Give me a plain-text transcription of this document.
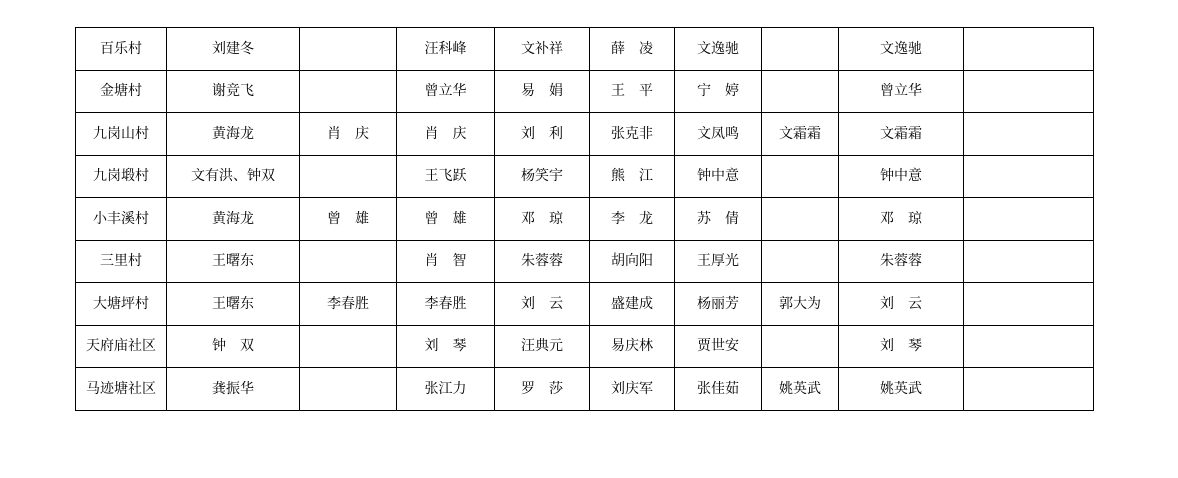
百乐村	刘建冬		汪科峰	文补祥	薛　凌	文逸驰		文逸驰	
金塘村	谢竞飞		曾立华	易　娟	王　平	宁　婷		曾立华	
九岗山村	黄海龙	肖　庆	肖　庆	刘　利	张克非	文凤鸣	文霜霜	文霜霜	
九岗塅村	文有洪、钟双		王飞跃	杨笑宇	熊　江	钟中意		钟中意	
小丰溪村	黄海龙	曾　雄	曾　雄	邓　琼	李　龙	苏　倩		邓　琼	
三里村	王曙东		肖　智	朱蓉蓉	胡向阳	王厚光		朱蓉蓉	
大塘坪村	王曙东	李春胜	李春胜	刘　云	盛建成	杨丽芳	郭大为	刘　云	
天府庙社区	钟　双		刘　琴	汪典元	易庆林	贾世安		刘　琴	
马迹塘社区	龚振华		张江力	罗　莎	刘庆军	张佳茹	姚英武	姚英武	
